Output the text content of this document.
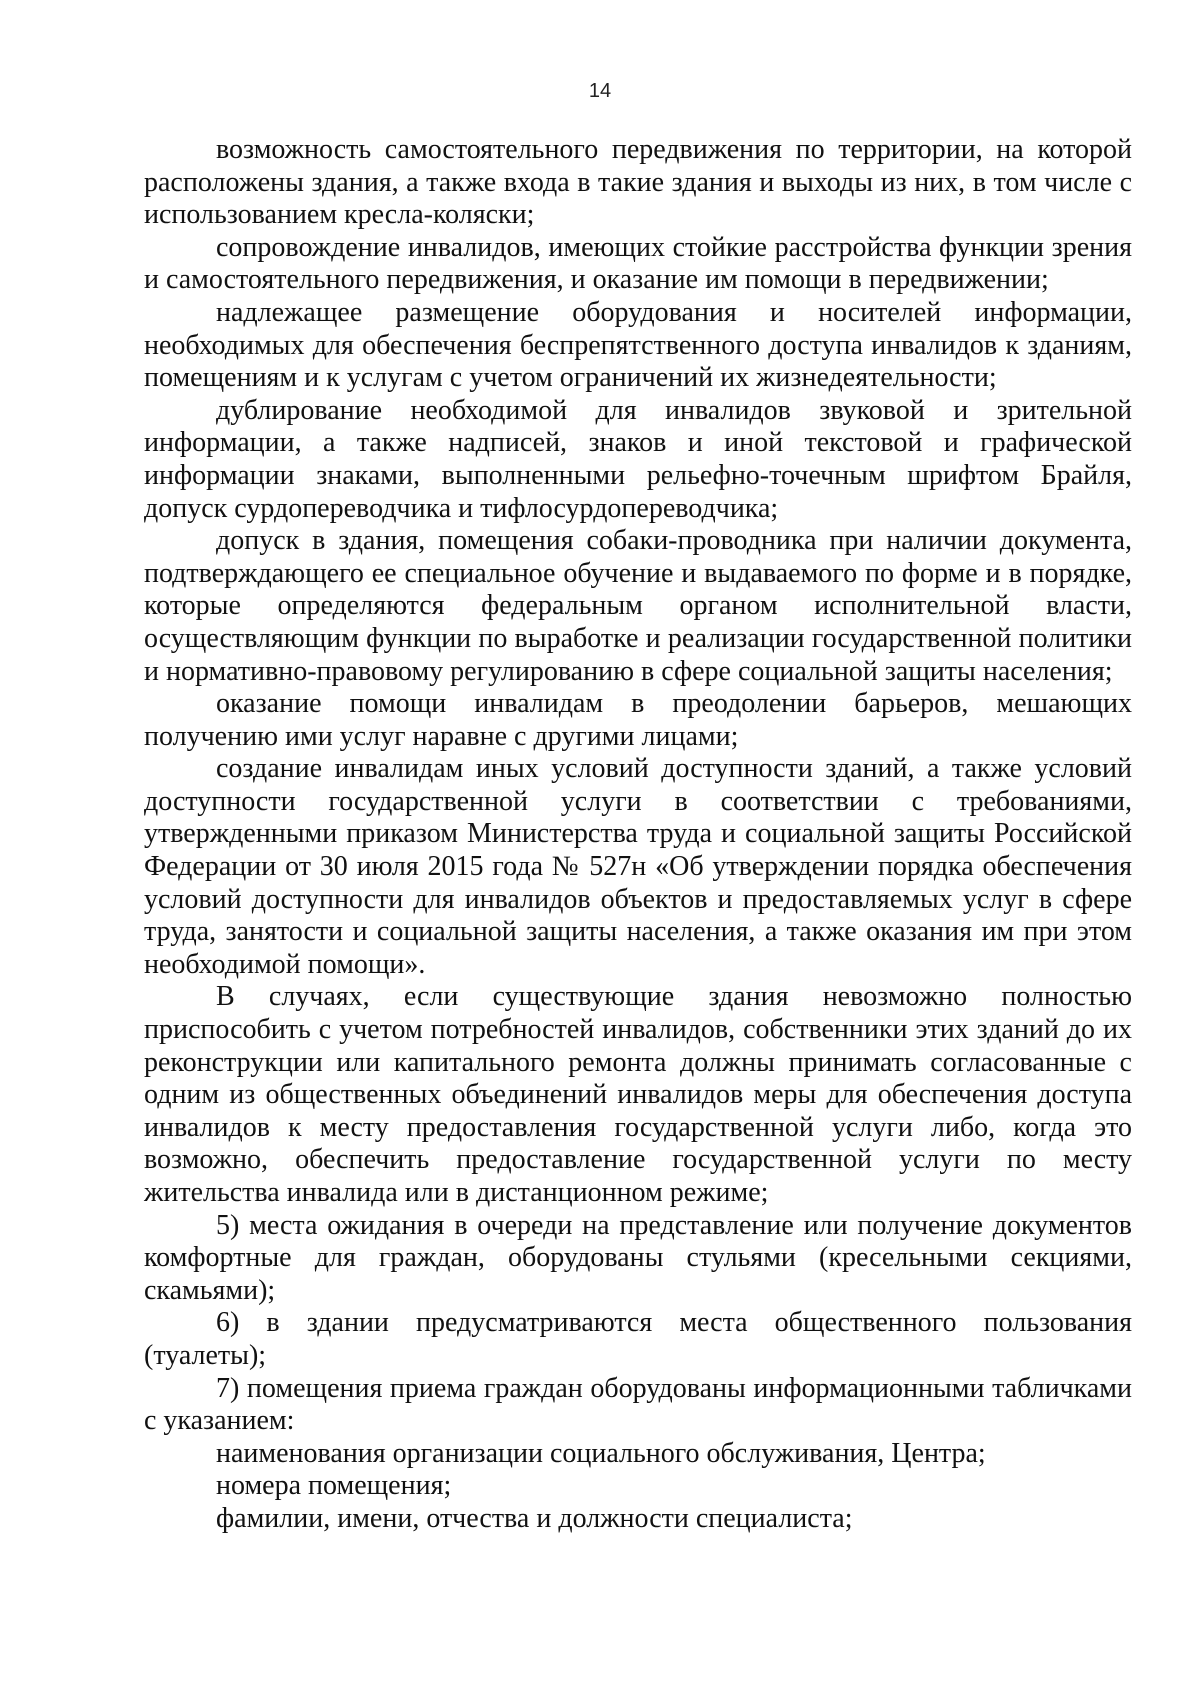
14

возможность самостоятельного передвижения по территории, на которой расположены здания, а также входа в такие здания и выходы из них, в том числе с использованием кресла-коляски;

сопровождение инвалидов, имеющих стойкие расстройства функции зрения и самостоятельного передвижения, и оказание им помощи в передвижении;

надлежащее размещение оборудования и носителей информации, необходимых для обеспечения беспрепятственного доступа инвалидов к зданиям, помещениям и к услугам с учетом ограничений их жизнедеятельности;

дублирование необходимой для инвалидов звуковой и зрительной информации, а также надписей, знаков и иной текстовой и графической информации знаками, выполненными рельефно-точечным шрифтом Брайля, допуск сурдопереводчика и тифлосурдопереводчика;

допуск в здания, помещения собаки-проводника при наличии документа, подтверждающего ее специальное обучение и выдаваемого по форме и в порядке, которые определяются федеральным органом исполнительной власти, осуществляющим функции по выработке и реализации государственной политики и нормативно-правовому регулированию в сфере социальной защиты населения;

оказание помощи инвалидам в преодолении барьеров, мешающих получению ими услуг наравне с другими лицами;

создание инвалидам иных условий доступности зданий, а также условий доступности государственной услуги в соответствии с требованиями, утвержденными приказом Министерства труда и социальной защиты Российской Федерации от 30 июля 2015 года № 527н «Об утверждении порядка обеспечения условий доступности для инвалидов объектов и предоставляемых услуг в сфере труда, занятости и социальной защиты населения, а также оказания им при этом необходимой помощи».

В случаях, если существующие здания невозможно полностью приспособить с учетом потребностей инвалидов, собственники этих зданий до их реконструкции или капитального ремонта должны принимать согласованные с одним из общественных объединений инвалидов меры для обеспечения доступа инвалидов к месту предоставления государственной услуги либо, когда это возможно, обеспечить предоставление государственной услуги по месту жительства инвалида или в дистанционном режиме;

5) места ожидания в очереди на представление или получение документов комфортные для граждан, оборудованы стульями (кресельными секциями, скамьями);

6) в здании предусматриваются места общественного пользования (туалеты);

7) помещения приема граждан оборудованы информационными табличками с указанием:

наименования организации социального обслуживания, Центра;

номера помещения;

фамилии, имени, отчества и должности специалиста;
